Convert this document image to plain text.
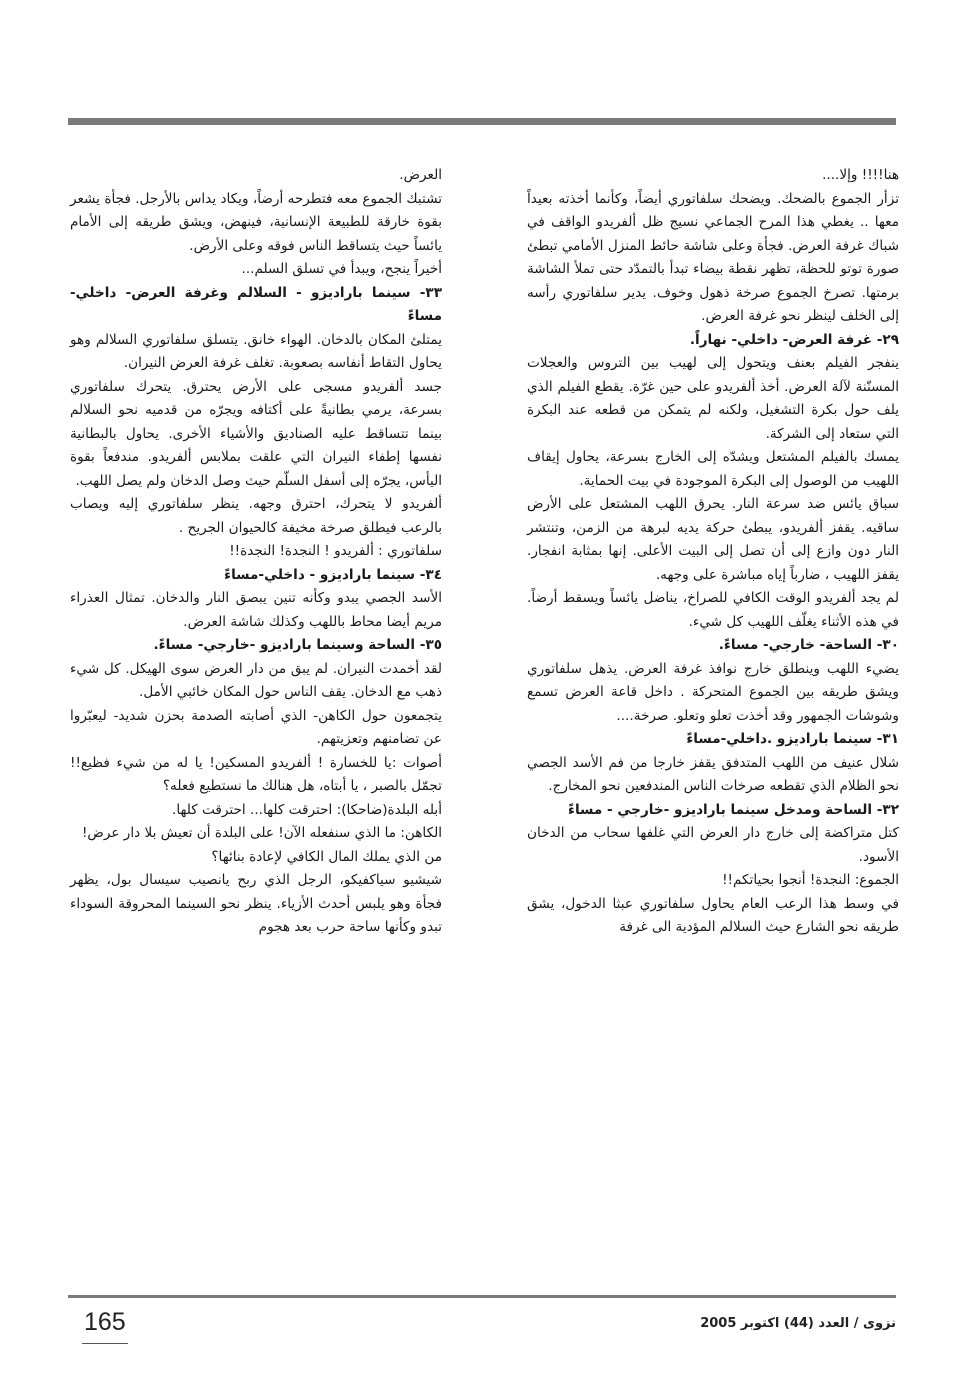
هنا!!!! وإلا....

تزأر الجموع بالضحك. ويضحك سلفاتوري أيضاً، وكأنما أخذته بعيداً معها .. يغطي هذا المرح الجماعي نسيج ظل ألفريدو الواقف في شباك غرفة العرض. فجأة وعلى شاشة حائط المنزل الأمامي تبطئ صورة توتو للحظة، تظهر نقطة بيضاء تبدأ بالتمدّد حتى تملأ الشاشة برمتها. تصرخ الجموع صرخة ذهول وخوف. يدير سلفاتوري رأسه إلى الخلف لينظر نحو غرفة العرض.

٢٩- غرفة العرض- داخلي- نهاراً.

ينفجر الفيلم بعنف ويتحول إلى لهيب بين التروس والعجلات المسنّنة لآلة العرض. أخذ ألفريدو على حين غرّة. يقطع الفيلم الذي يلف حول بكرة التشغيل، ولكنه لم يتمكن من قطعه عند البكرة التي ستعاد إلى الشركة.

يمسك بالفيلم المشتعل ويشدّه إلى الخارج بسرعة، يحاول إيقاف اللهيب من الوصول إلى البكرة الموجودة في بيت الحماية.

سباق يائس ضد سرعة النار. يحرق اللهب المشتعل على الأرض ساقيه. يقفز ألفريدو، يبطئ حركة يديه لبرهة من الزمن، وتنتشر النار دون وازع إلى أن تصل إلى البيت الأعلى. إنها بمثابة انفجار. يقفز اللهيب ، ضارباً إياه مباشرة على وجهه.

لم يجد ألفريدو الوقت الكافي للصراخ، يناضل يائساً ويسقط أرضاً. في هذه الأثناء يغلّف اللهيب كل شيء.

٣٠- الساحة- خارجي- مساءً.

يضيء اللهب وينطلق خارج نوافذ غرفة العرض. يذهل سلفاتوري ويشق طريقه بين الجموع المتحركة . داخل قاعة العرض تسمع وشوشات الجمهور وقد أخذت تعلو وتعلو. صرخة....

٣١- سينما باراديزو .داخلي-مساءً

شلال عنيف من اللهب المتدفق يقفز خارجا من فم الأسد الجصي نحو الظلام الذي تقطعه صرخات الناس المندفعين نحو المخارج.

٣٢- الساحة ومدخل سينما باراديزو -خارجي - مساءً

كتل متراكضة إلى خارج دار العرض التي غلفها سحاب من الدخان الأسود.

الجموع: النجدة! أنجوا بحياتكم!!

في وسط هذا الرعب العام يحاول سلفاتوري عبثا الدخول، يشق طريقه نحو الشارع حيث السلالم المؤدية الى غرفة

العرض.

تشتبك الجموع معه فتطرحه أرضاً، ويكاد يداس بالأرجل. فجأة يشعر بقوة خارقة للطبيعة الإنسانية، فينهض، ويشق طريقه إلى الأمام يائساً حيث يتساقط الناس فوقه وعلى الأرض.

أخيراً ينجح، ويبدأ في تسلق السلم...

٣٣- سينما باراديزو - السلالم وغرفة العرض- داخلي- مساءً

يمتلئ المكان بالدخان. الهواء خانق. يتسلق سلفاتوري السلالم وهو يحاول التقاط أنفاسه بصعوبة. تغلف غرفة العرض النيران.

جسد ألفريدو مسجى على الأرض يحترق. يتحرك سلفاتوري بسرعة، يرمي بطانيةً على أكتافه ويجرّه من قدميه نحو السلالم بينما تتساقط عليه الصناديق والأشياء الأخرى. يحاول بالبطانية نفسها إطفاء النيران التي علقت بملابس ألفريدو. مندفعاً بقوة اليأس، يجرّه إلى أسفل السلّم حيث وصل الدخان ولم يصل اللهب.

ألفريدو لا يتحرك، احترق وجهه. ينظر سلفاتوري إليه ويصاب بالرعب فيطلق صرخة مخيفة كالحيوان الجريح .

سلفاتوري : ألفريدو ! النجدة! النجدة!!

٣٤- سينما باراديزو - داخلي-مساءً

الأسد الجصي يبدو وكأنه تنين يبصق النار والدخان. تمثال العذراء مريم أيضا محاط باللهب وكذلك شاشة العرض.

٣٥- الساحة وسينما باراديزو -خارجي- مساءً.

لقد أخمدت النيران. لم يبق من دار العرض سوى الهيكل. كل شيء ذهب مع الدخان. يقف الناس حول المكان خائبي الأمل.

يتجمعون حول الكاهن- الذي أصابته الصدمة بحزن شديد- ليعبّروا عن تضامنهم وتعزيتهم.

أصوات :يا للخسارة ! ألفريدو المسكين! يا له من شيء فظيع!! تجمّل بالصبر ، يا أبتاه، هل هنالك ما نستطيع فعله؟

أبله البلدة(ضاحكا): احترقت كلها... احترقت كلها.

الكاهن: ما الذي سنفعله الآن! على البلدة أن تعيش بلا دار عرض!

من الذي يملك المال الكافي لإعادة بنائها؟

شيشيو سياكفيكو، الرجل الذي ربح يانصيب سيسال بول، يظهر فجأة وهو يلبس أحدث الأزياء. ينظر نحو السينما المحروقة السوداء تبدو وكأنها ساحة حرب بعد هجوم

165	نزوى / العدد (44) اكتوبر 2005
